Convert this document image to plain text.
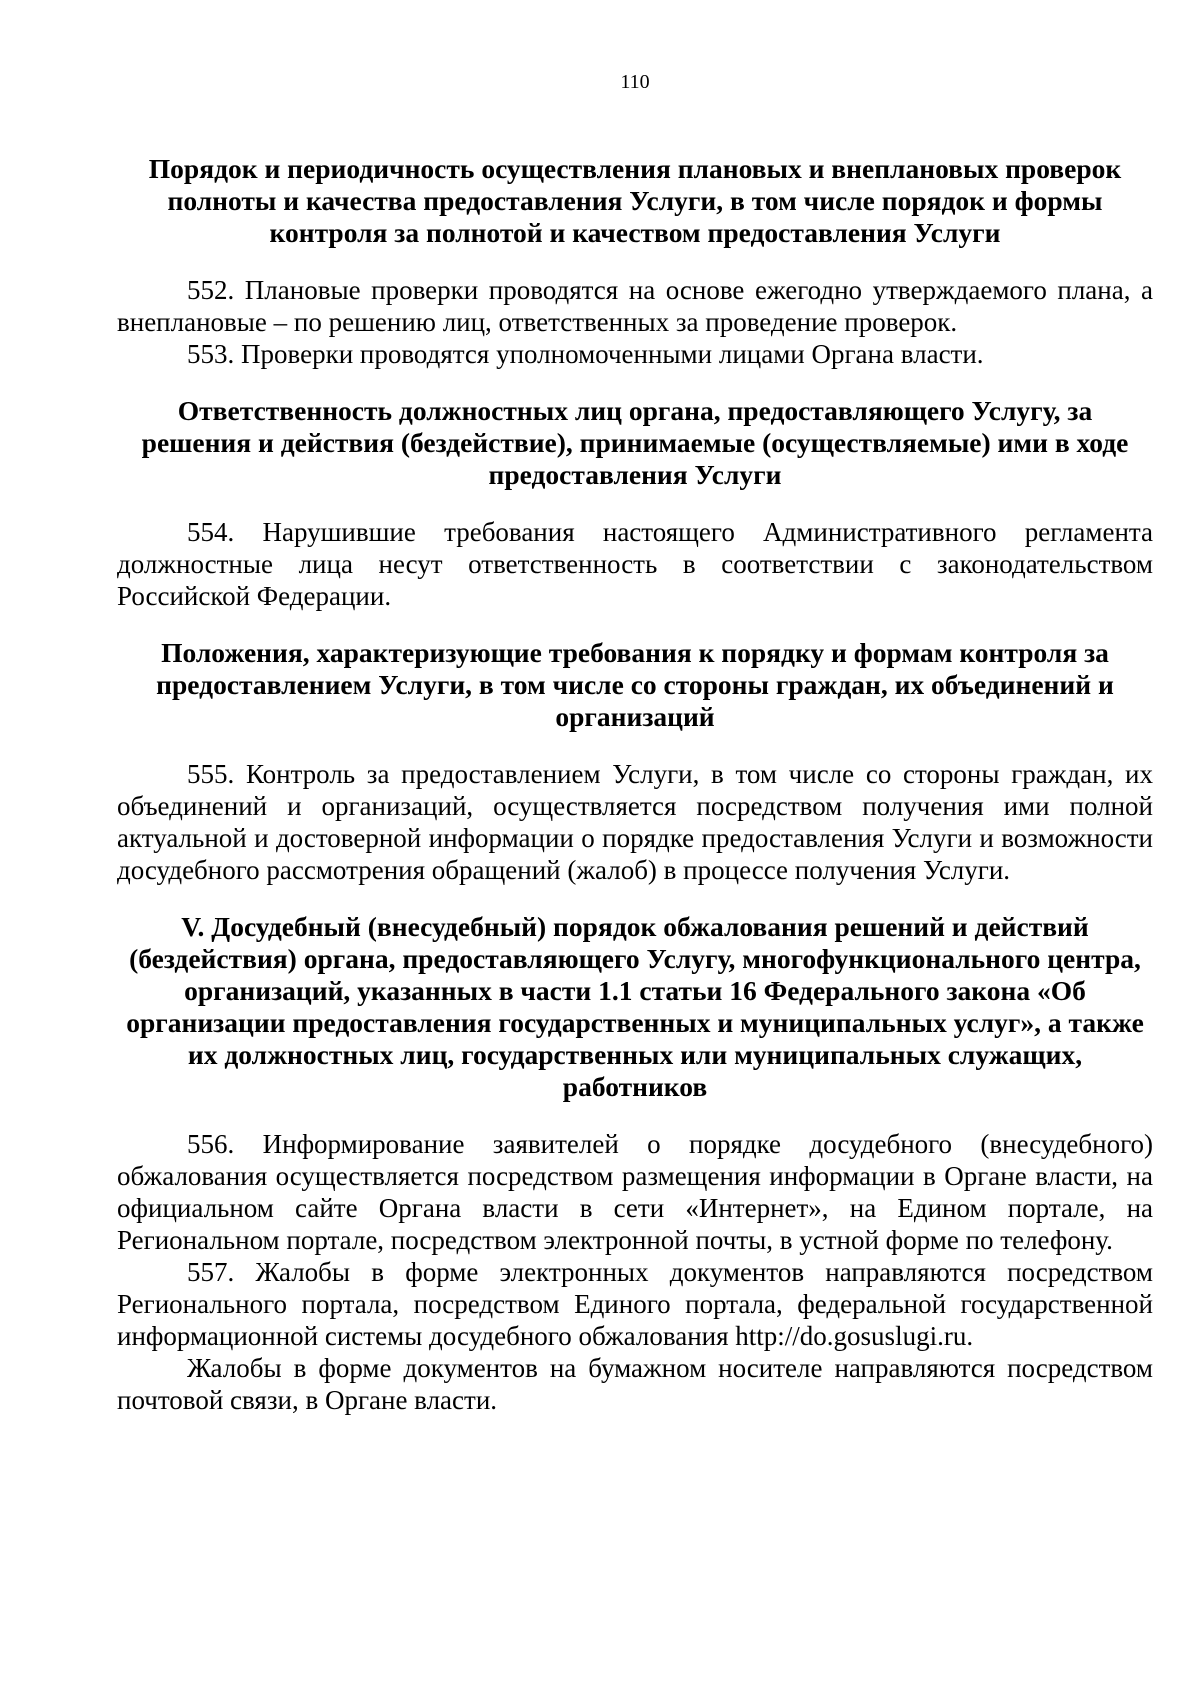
110
Порядок и периодичность осуществления плановых и внеплановых проверок полноты и качества предоставления Услуги, в том числе порядок и формы контроля за полнотой и качеством предоставления Услуги

552. Плановые проверки проводятся на основе ежегодно утверждаемого плана, а внеплановые – по решению лиц, ответственных за проведение проверок.

553. Проверки проводятся уполномоченными лицами Органа власти.

Ответственность должностных лиц органа, предоставляющего Услугу, за решения и действия (бездействие), принимаемые (осуществляемые) ими в ходе предоставления Услуги

554. Нарушившие требования настоящего Административного регламента должностные лица несут ответственность в соответствии с законодательством Российской Федерации.

Положения, характеризующие требования к порядку и формам контроля за предоставлением Услуги, в том числе со стороны граждан, их объединений и организаций

555. Контроль за предоставлением Услуги, в том числе со стороны граждан, их объединений и организаций, осуществляется посредством получения ими полной актуальной и достоверной информации о порядке предоставления Услуги и возможности досудебного рассмотрения обращений (жалоб) в процессе получения Услуги.

V. Досудебный (внесудебный) порядок обжалования решений и действий (бездействия) органа, предоставляющего Услугу, многофункционального центра, организаций, указанных в части 1.1 статьи 16 Федерального закона «Об организации предоставления государственных и муниципальных услуг», а также их должностных лиц, государственных или муниципальных служащих, работников

556. Информирование заявителей о порядке досудебного (внесудебного) обжалования осуществляется посредством размещения информации в Органе власти, на официальном сайте Органа власти в сети «Интернет», на Едином портале, на Региональном портале, посредством электронной почты, в устной форме по телефону.

557. Жалобы в форме электронных документов направляются посредством Регионального портала, посредством Единого портала, федеральной государственной информационной системы досудебного обжалования http://do.gosuslugi.ru.

Жалобы в форме документов на бумажном носителе направляются посредством почтовой связи, в Органе власти.
